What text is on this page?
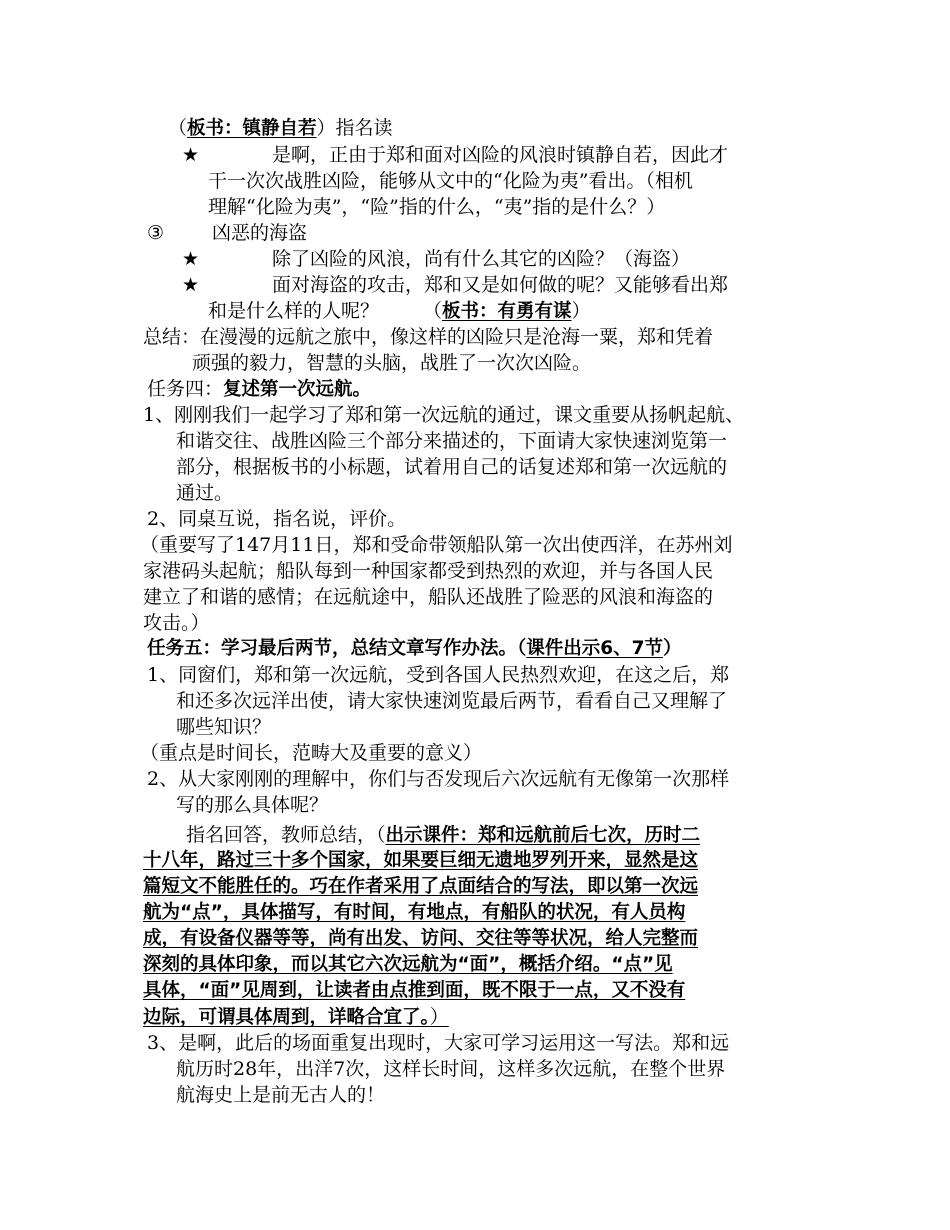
（板书：镇静自若）指名读
★	是啊，正由于郑和面对凶险的风浪时镇静自若，因此才
干一次次战胜凶险，能够从文中的“化险为夷”看出。（相机
理解“化险为夷”，“险”指的什么，“夷”指的是什么？）
③	凶恶的海盗
★	除了凶险的风浪，尚有什么其它的凶险？（海盗）
★	面对海盗的攻击，郑和又是如何做的呢？又能够看出郑
和是什么样的人呢？ （板书：有勇有谋）
总结：在漫漫的远航之旅中，像这样的凶险只是沧海一粟，郑和凭着
顽强的毅力，智慧的头脑，战胜了一次次凶险。
任务四：复述第一次远航。
1、刚刚我们一起学习了郑和第一次远航的通过，课文重要从扬帆起航、
和谐交往、战胜凶险三个部分来描述的，下面请大家快速浏览第一
部分，根据板书的小标题，试着用自己的话复述郑和第一次远航的
通过。
2、同桌互说，指名说，评价。
（重要写了147月11日，郑和受命带领船队第一次出使西洋，在苏州刘
家港码头起航；船队每到一种国家都受到热烈的欢迎，并与各国人民
建立了和谐的感情；在远航途中，船队还战胜了险恶的风浪和海盗的
攻击。）
任务五：学习最后两节，总结文章写作办法。（课件出示6、7节）
1、同窗们，郑和第一次远航，受到各国人民热烈欢迎，在这之后，郑
和还多次远洋出使，请大家快速浏览最后两节，看看自己又理解了
哪些知识？
（重点是时间长，范畴大及重要的意义）
2、从大家刚刚的理解中，你们与否发现后六次远航有无像第一次那样
写的那么具体呢？
指名回答，教师总结，（出示课件：郑和远航前后七次，历时二
十八年，路过三十多个国家，如果要巨细无遗地罗列开来，显然是这
篇短文不能胜任的。巧在作者采用了点面结合的写法，即以第一次远
航为“点”，具体描写，有时间，有地点，有船队的状况，有人员构
成，有设备仪器等等，尚有出发、访问、交往等等状况，给人完整而
深刻的具体印象，而以其它六次远航为“面”，概括介绍。“点”见
具体，“面”见周到，让读者由点推到面，既不限于一点，又不没有
边际，可谓具体周到，详略合宜了。）
3、是啊，此后的场面重复出现时，大家可学习运用这一写法。郑和远
航历时28年，出洋7次，这样长时间，这样多次远航，在整个世界
航海史上是前无古人的！
